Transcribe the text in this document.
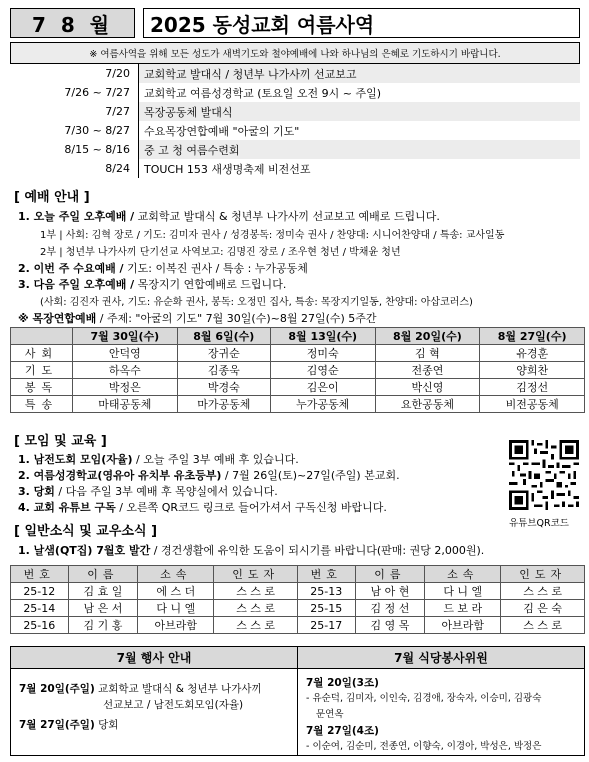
7 8 월	2025 동성교회 여름사역
※ 여름사역을 위해 모든 성도가 새벽기도와 철야예배에 나와 하나님의 은혜로 기도하시기 바랍니다.
7/20	교회학교 발대식 / 청년부 나가사끼 선교보고
7/26 ~ 7/27	교회학교 여름성경학교 (토요일 오전 9시 ~ 주일)
7/27	목장공동체 발대식
7/30 ~ 8/27	수요목장연합예배 "아굴의 기도"
8/15 ~ 8/16	중 고 청 여름수련회
8/24	TOUCH 153 새생명축제 비전선포
[ 예배 안내 ]
1. 오늘 주일 오후예배 / 교회학교 발대식 & 청년부 나가사끼 선교보고 예배로 드립니다.
1부 | 사회: 김혁 장로 / 기도: 김미자 권사 / 성경봉독: 정미숙 권사 / 찬양대: 시니어찬양대 / 특송: 교사일동
2부 | 청년부 나가사끼 단기선교 사역보고: 김명진 장로 / 조우현 청년 / 박채윤 청년
2. 이번 주 수요예배 / 기도: 이복진 권사 / 특송 : 누가공동체
3. 다음 주일 오후예배 / 목장지기 연합예배로 드립니다.
(사회: 김진자 권사, 기도: 유순화 권사, 봉독: 오정민 집사, 특송: 목장지기일동, 찬양대: 아삽코러스)
※ 목장연합예배 / 주제: "아굴의 기도" 7월 30일(수)~8월 27일(수) 5주간
	7월 30일(수)	8월 6일(수)	8월 13일(수)	8월 20일(수)	8월 27일(수)
사회	안덕영	장귀순	정미숙	김 혁	유경훈
기도	하옥수	김종욱	김영순	전종연	양희찬
봉독	박정은	박경숙	김은이	박신영	김정선
특송	마태공동체	마가공동체	누가공동체	요한공동체	비전공동체
[ 모임 및 교육 ]
1. 남전도회 모임(자율) / 오늘 주일 3부 예배 후 있습니다.
2. 여름성경학교(영유아 유치부 유초등부) / 7월 26일(토)~27일(주일) 본교회.
3. 당회 / 다음 주일 3부 예배 후 목양실에서 있습니다.
4. 교회 유튜브 구독 / 오른쪽 QR코드 링크로 들어가셔서 구독신청 바랍니다.
유튜브QR코드
[ 일반소식 및 교우소식 ]
1. 날샘(QT집) 7월호 발간 / 경건생활에 유익한 도움이 되시기를 바랍니다(판매: 권당 2,000원).
번호	이름	소속	인도자	번호	이름	소속	인도자
25-12	김 효 일	에 스 더	스 스 로	25-13	남 아 현	다 니 엘	스 스 로
25-14	남 은 서	다 니 엘	스 스 로	25-15	김 정 선	드 보 라	김 은 숙
25-16	김 기 홍	아브라함	스 스 로	25-17	김 영 목	아브라함	스 스 로
7월 행사 안내
7월 20일(주일) 교회학교 발대식 & 청년부 나가사끼
선교보고 / 남전도회모임(자율)
7월 27일(주일) 당회
7월 식당봉사위원
7월 20일(3조)
- 유순덕, 김미자, 이인숙, 김경애, 장숙자, 이승미, 김광숙
문연옥
7월 27일(4조)
- 이순여, 김순미, 전종연, 이향숙, 이경아, 박성은, 박정은
